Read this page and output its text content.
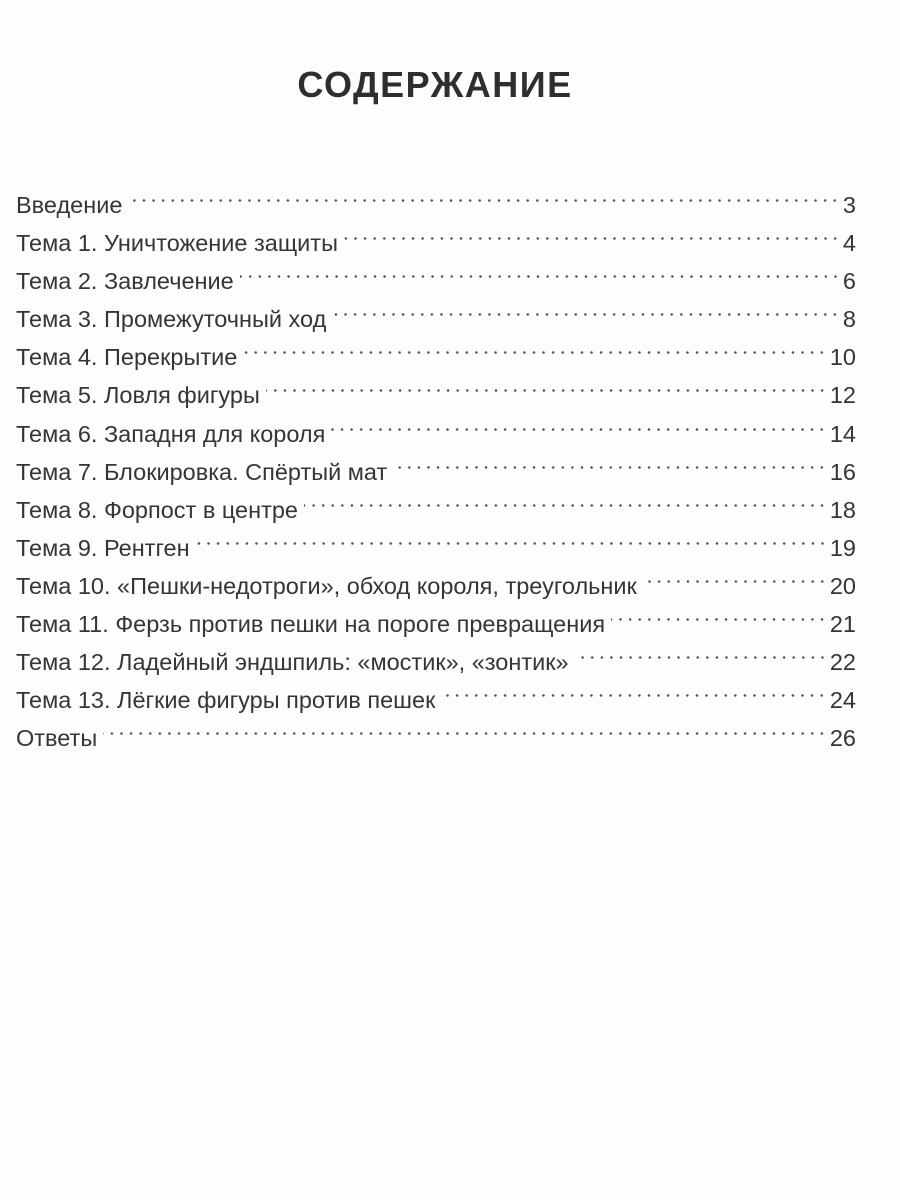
СОДЕРЖАНИЕ
Введение	3
Тема 1. Уничтожение защиты	4
Тема 2. Завлечение	6
Тема 3. Промежуточный ход	8
Тема 4. Перекрытие	10
Тема 5. Ловля фигуры	12
Тема 6. Западня для короля	14
Тема 7. Блокировка. Спёртый мат	16
Тема 8. Форпост в центре	18
Тема 9. Рентген	19
Тема 10. «Пешки-недотроги», обход короля, треугольник	20
Тема 11. Ферзь против пешки на пороге превращения	21
Тема 12. Ладейный эндшпиль: «мостик», «зонтик»	22
Тема 13. Лёгкие фигуры против пешек	24
Ответы	26
